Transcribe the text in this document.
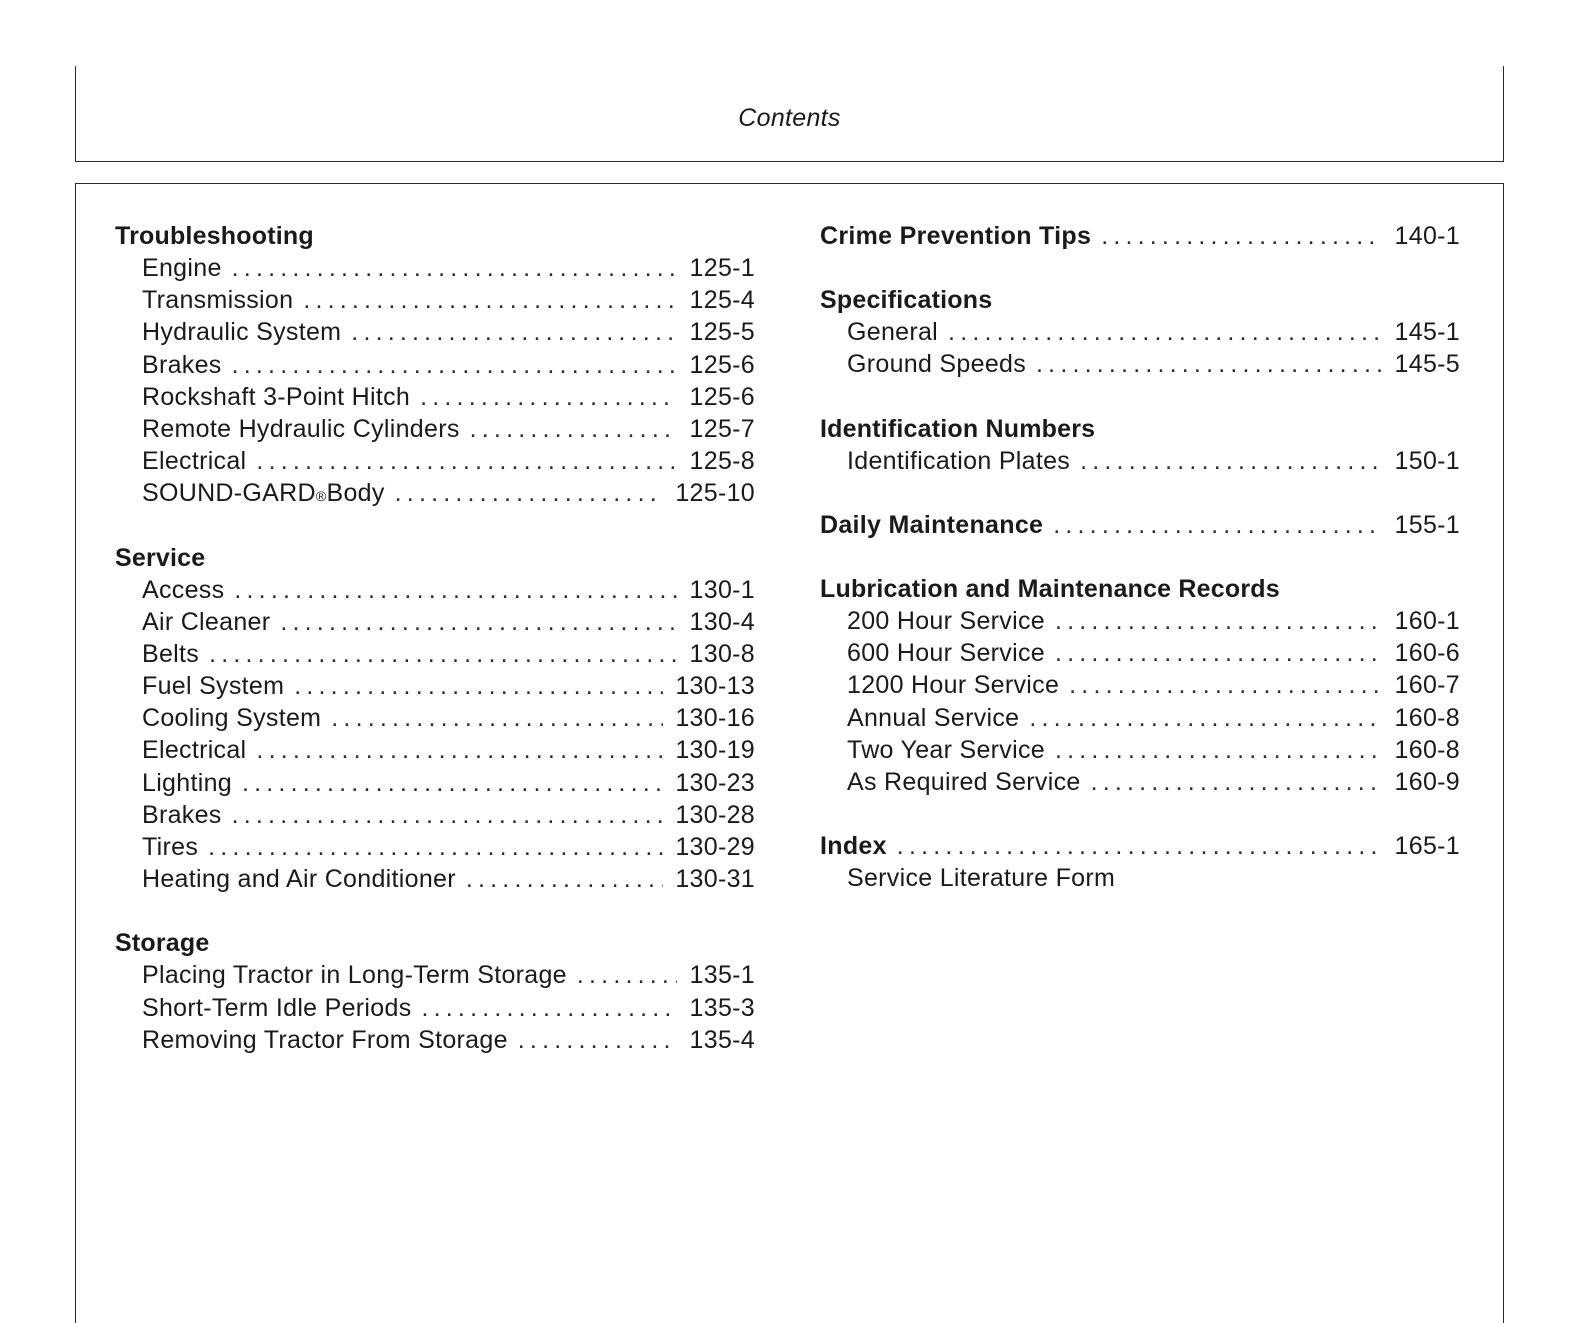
Contents
Troubleshooting
Engine .....	125-1
Transmission .....	125-4
Hydraulic System .....	125-5
Brakes .....	125-6
Rockshaft 3-Point Hitch .....	125-6
Remote Hydraulic Cylinders .....	125-7
Electrical .....	125-8
SOUND-GARD ® Body .....	125-10
Service
Access .....	130-1
Air Cleaner .....	130-4
Belts .....	130-8
Fuel System .....	130-13
Cooling System .....	130-16
Electrical .....	130-19
Lighting .....	130-23
Brakes .....	130-28
Tires .....	130-29
Heating and Air Conditioner .....	130-31
Storage
Placing Tractor in Long-Term Storage .....	135-1
Short-Term Idle Periods .....	135-3
Removing Tractor From Storage .....	135-4
Crime Prevention Tips .....	140-1
Specifications
General .....	145-1
Ground Speeds .....	145-5
Identification Numbers
Identification Plates .....	150-1
Daily Maintenance .....	155-1
Lubrication and Maintenance Records
200 Hour Service .....	160-1
600 Hour Service .....	160-6
1200 Hour Service .....	160-7
Annual Service .....	160-8
Two Year Service .....	160-8
As Required Service .....	160-9
Index .....	165-1
Service Literature Form
